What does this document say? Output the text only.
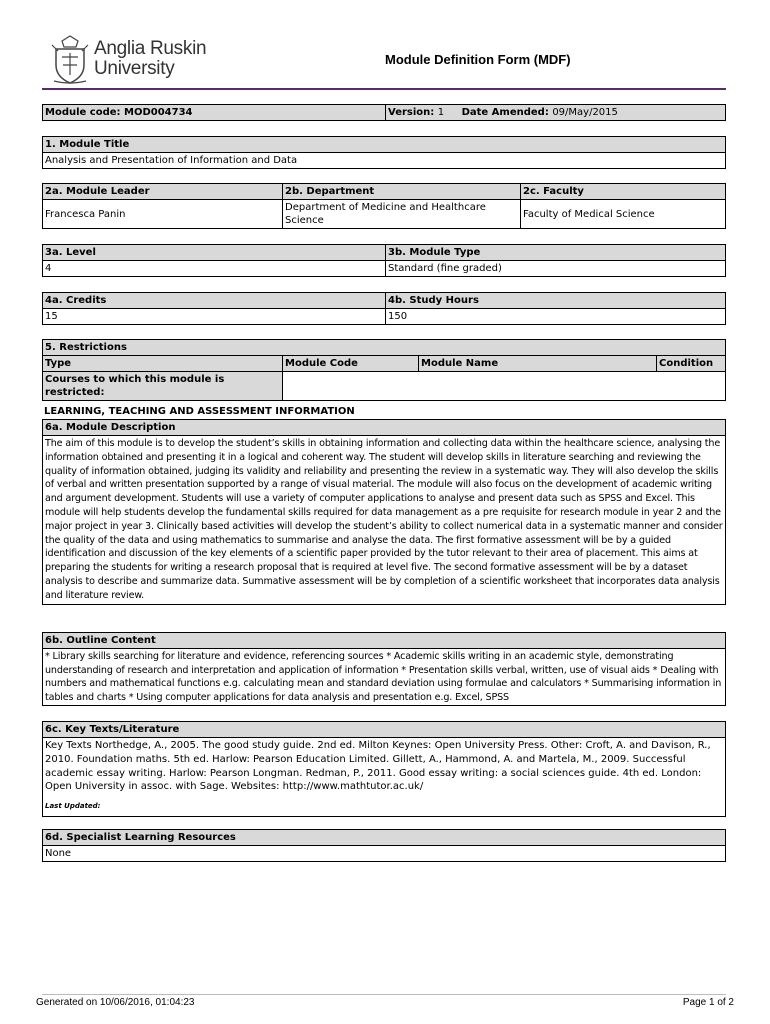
Anglia Ruskin
University	Module Definition Form (MDF)
Module code: MOD004734	Version: 1 Date Amended: 09/May/2015
1. Module Title
Analysis and Presentation of Information and Data
2a. Module Leader	2b. Department	2c. Faculty
Francesca Panin	Department of Medicine and Healthcare Science	Faculty of Medical Science
3a. Level	3b. Module Type
4	Standard (fine graded)
4a. Credits	4b. Study Hours
15	150
5. Restrictions			
Type	Module Code	Module Name	Condition
Courses to which this module is restricted:			
LEARNING, TEACHING AND ASSESSMENT INFORMATION
6a. Module Description
The aim of this module is to develop the student’s skills in obtaining information and collecting data within the healthcare science, analysing the information obtained and presenting it in a logical and coherent way. The student will develop skills in literature searching and reviewing the quality of information obtained, judging its validity and reliability and presenting the review in a systematic way. They will also develop the skills of verbal and written presentation supported by a range of visual material. The module will also focus on the development of academic writing and argument development. Students will use a variety of computer applications to analyse and present data such as SPSS and Excel. This module will help students develop the fundamental skills required for data management as a pre requisite for research module in year 2 and the major project in year 3. Clinically based activities will develop the student’s ability to collect numerical data in a systematic manner and consider the quality of the data and using mathematics to summarise and analyse the data. The first formative assessment will be by a guided identification and discussion of the key elements of a scientific paper provided by the tutor relevant to their area of placement. This aims at preparing the students for writing a research proposal that is required at level five. The second formative assessment will be by a dataset analysis to describe and summarize data. Summative assessment will be by completion of a scientific worksheet that incorporates data analysis and literature review.
6b. Outline Content
* Library skills searching for literature and evidence, referencing sources * Academic skills writing in an academic style, demonstrating understanding of research and interpretation and application of information * Presentation skills verbal, written, use of visual aids * Dealing with numbers and mathematical functions e.g. calculating mean and standard deviation using formulae and calculators * Summarising information in tables and charts * Using computer applications for data analysis and presentation e.g. Excel, SPSS
6c. Key Texts/Literature

Key Texts Northedge, A., 2005. The good study guide. 2nd ed. Milton Keynes: Open University Press. Other: Croft, A. and Davison, R., 2010. Foundation maths. 5th ed. Harlow: Pearson Education Limited. Gillett, A., Hammond, A. and Martela, M., 2009. Successful academic essay writing. Harlow: Pearson Longman. Redman, P., 2011. Good essay writing: a social sciences guide. 4th ed. London: Open University in assoc. with Sage. Websites: http://www.mathtutor.ac.uk/
Last Updated:
6d. Specialist Learning Resources
None
Generated on 10/06/2016, 01:04:23	Page 1 of 2
